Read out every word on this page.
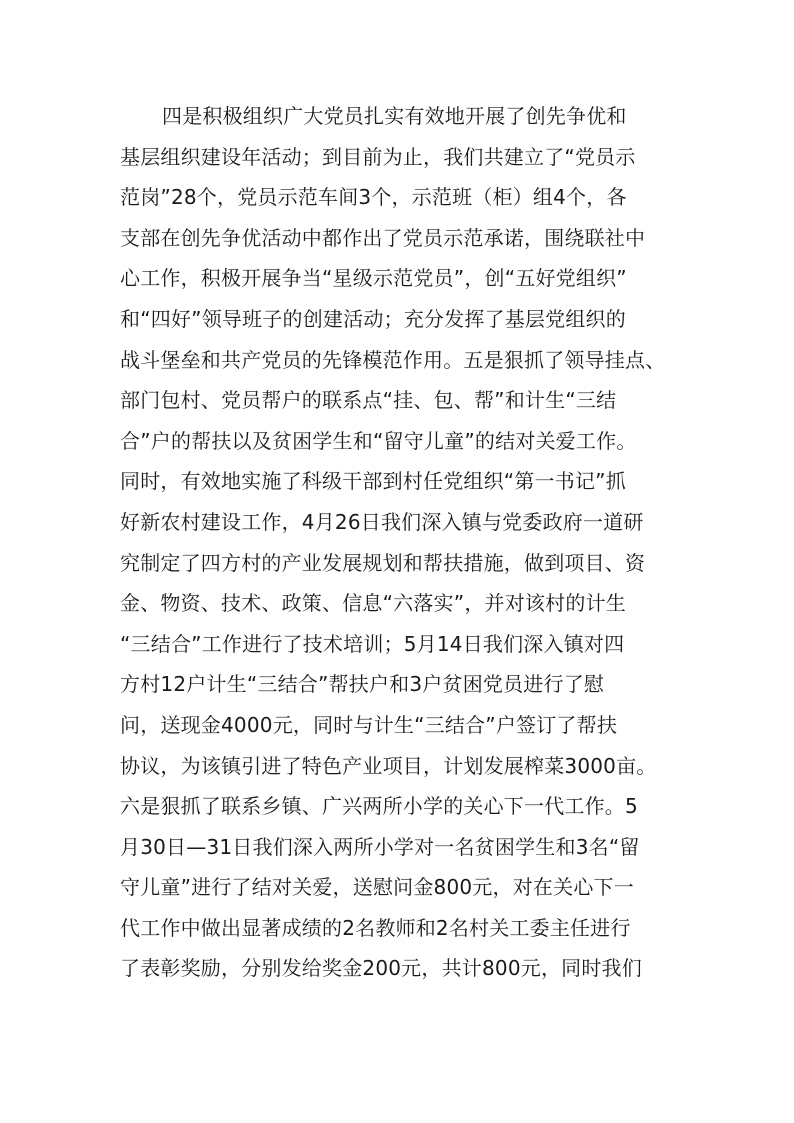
四是积极组织广大党员扎实有效地开展了创先争优和
基层组织建设年活动；到目前为止，我们共建立了“党员示
范岗”28个，党员示范车间3个，示范班（柜）组4个，各
支部在创先争优活动中都作出了党员示范承诺，围绕联社中
心工作，积极开展争当“星级示范党员”，创“五好党组织”
和“四好”领导班子的创建活动；充分发挥了基层党组织的
战斗堡垒和共产党员的先锋模范作用。五是狠抓了领导挂点、
部门包村、党员帮户的联系点“挂、包、帮”和计生“三结
合”户的帮扶以及贫困学生和“留守儿童”的结对关爱工作。
同时，有效地实施了科级干部到村任党组织“第一书记”抓
好新农村建设工作，4月26日我们深入镇与党委政府一道研
究制定了四方村的产业发展规划和帮扶措施，做到项目、资
金、物资、技术、政策、信息“六落实”，并对该村的计生
“三结合”工作进行了技术培训；5月14日我们深入镇对四
方村12户计生“三结合”帮扶户和3户贫困党员进行了慰
问，送现金4000元，同时与计生“三结合”户签订了帮扶
协议，为该镇引进了特色产业项目，计划发展榨菜3000亩。
六是狠抓了联系乡镇、广兴两所小学的关心下一代工作。5
月30日—31日我们深入两所小学对一名贫困学生和3名“留
守儿童”进行了结对关爱，送慰问金800元，对在关心下一
代工作中做出显著成绩的2名教师和2名村关工委主任进行
了表彰奖励，分别发给奖金200元，共计800元，同时我们
